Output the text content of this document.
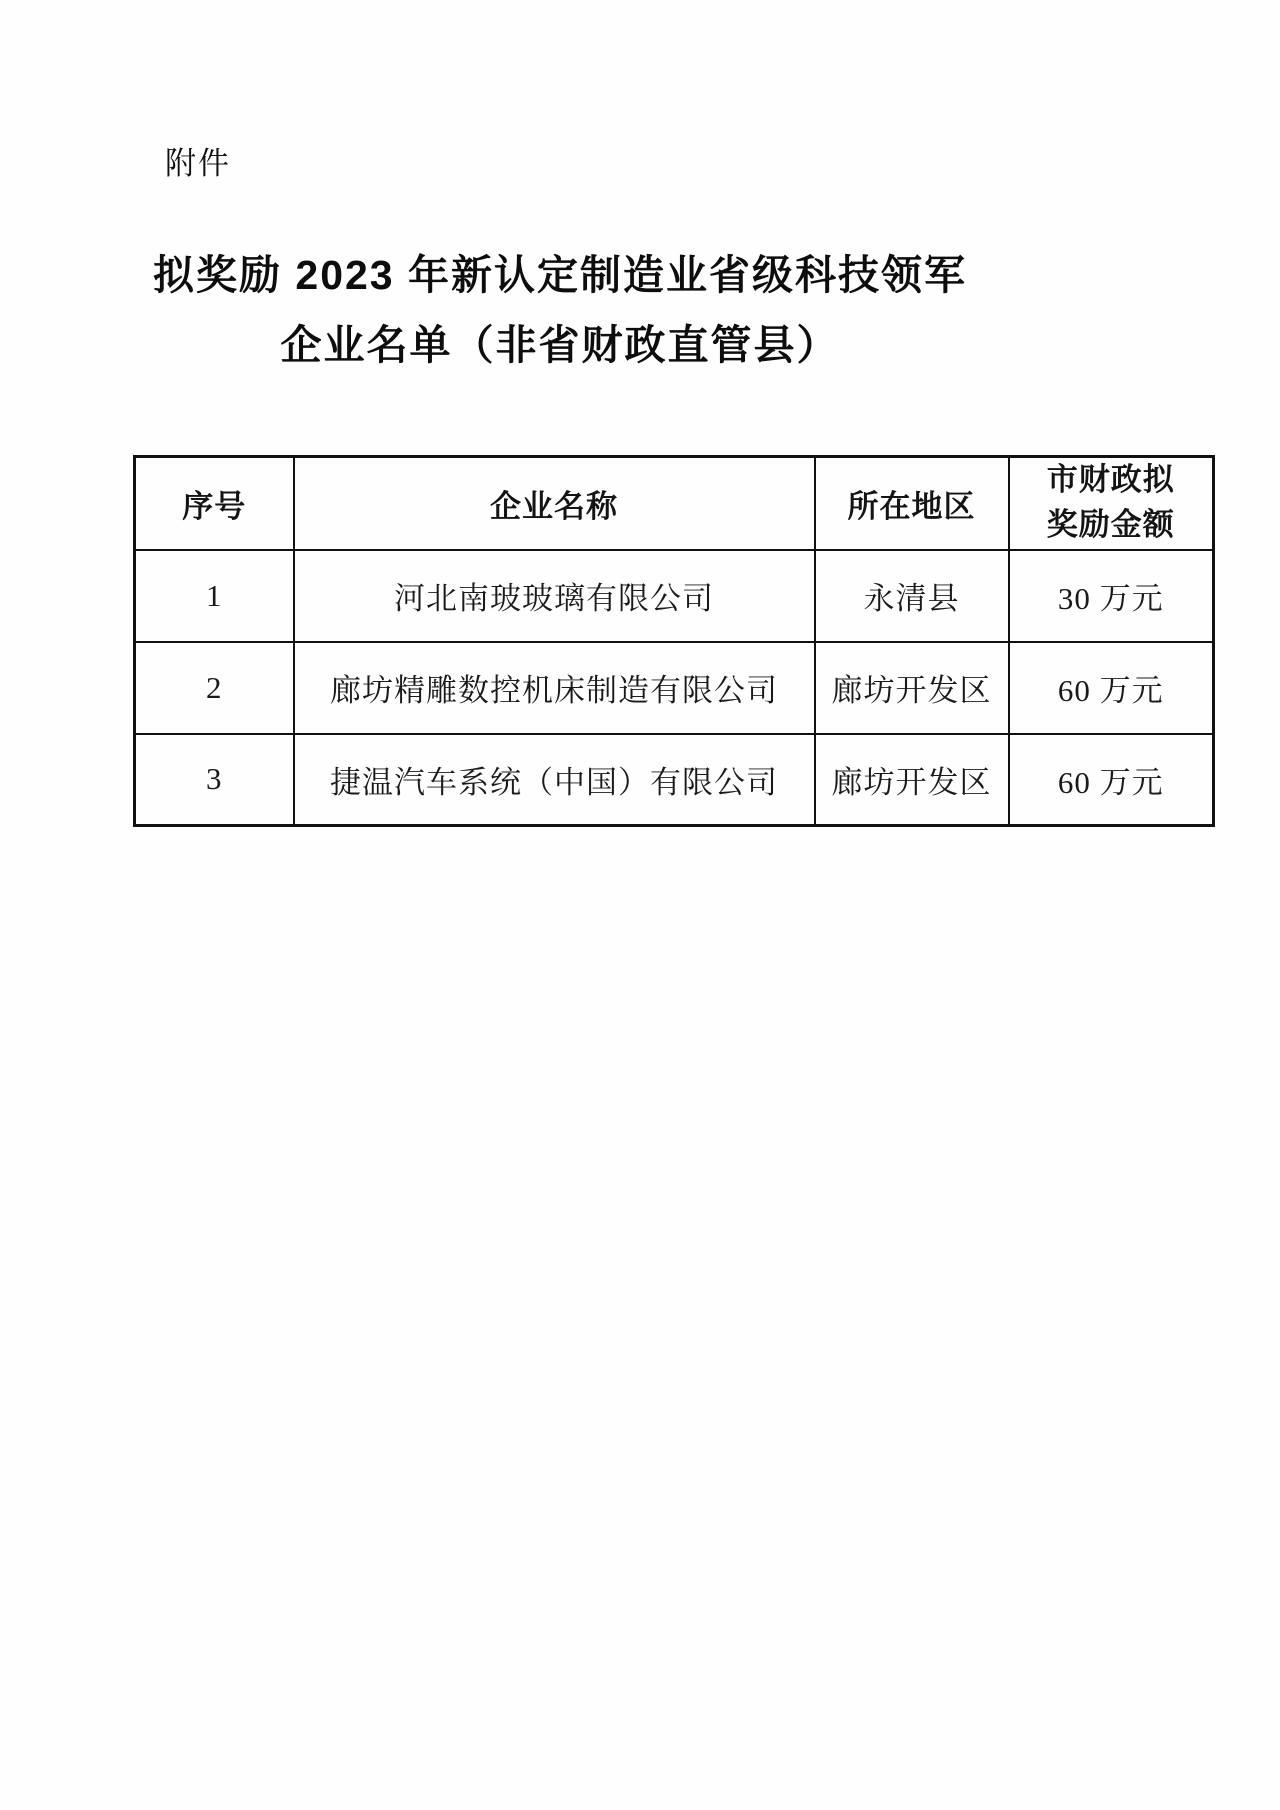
附件
拟奖励 2023 年新认定制造业省级科技领军
企业名单（非省财政直管县）
序号	企业名称	所在地区	市财政拟奖励金额
1	河北南玻玻璃有限公司	永清县	30 万元
2	廊坊精雕数控机床制造有限公司	廊坊开发区	60 万元
3	捷温汽车系统（中国）有限公司	廊坊开发区	60 万元
